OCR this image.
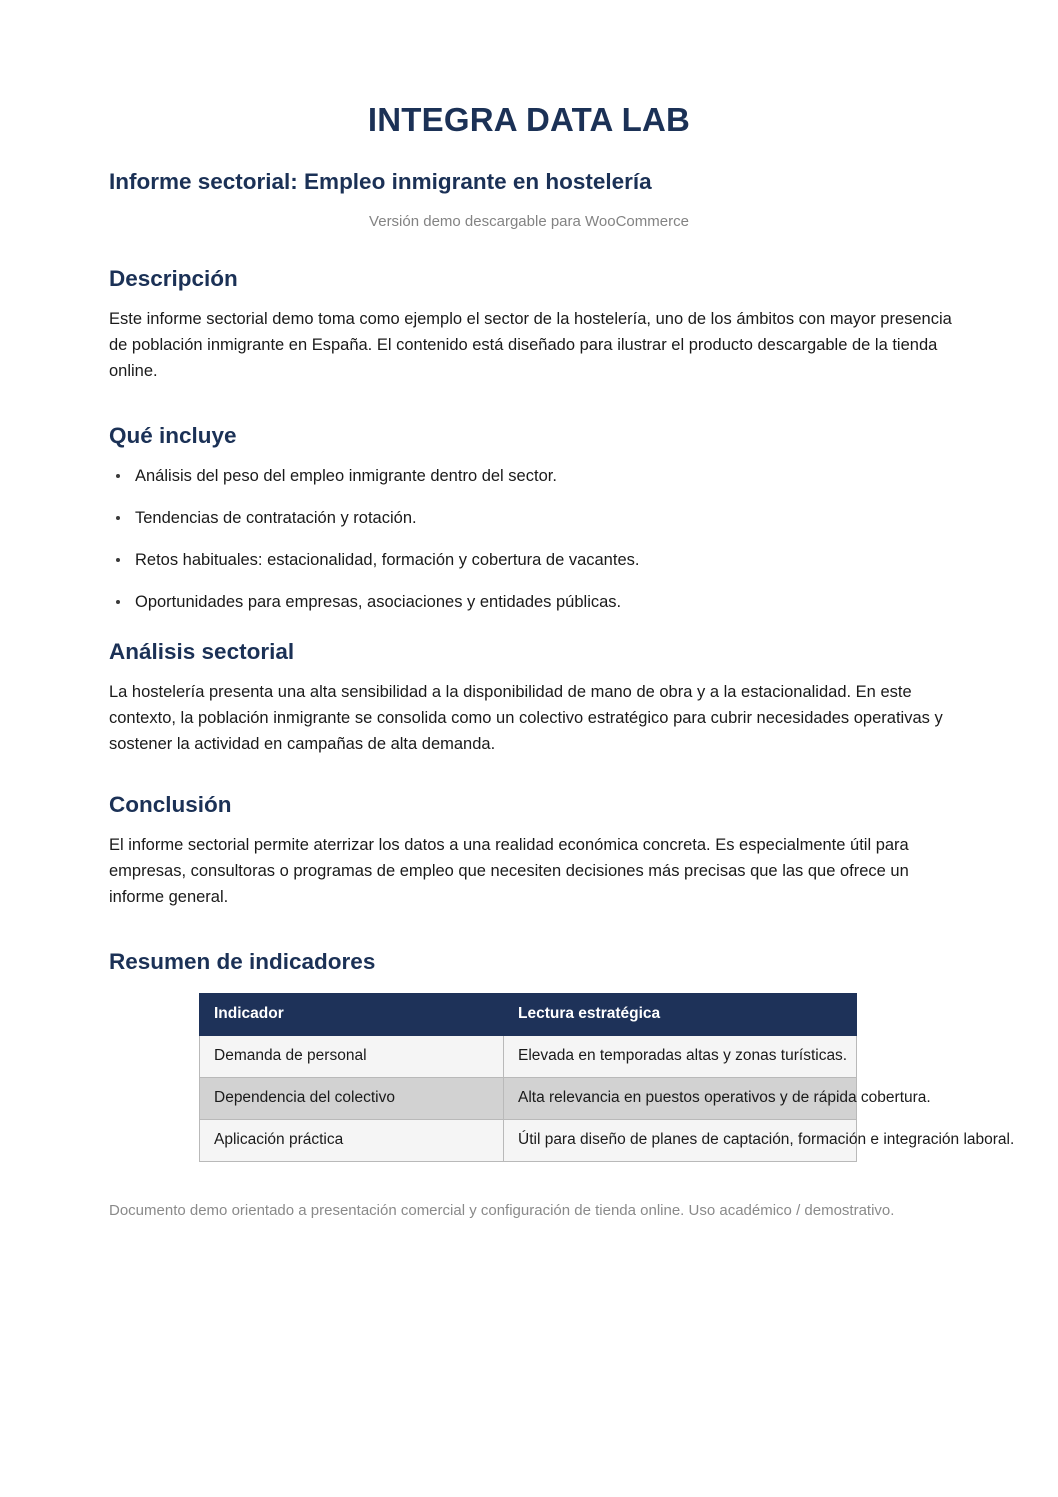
INTEGRA DATA LAB
Informe sectorial: Empleo inmigrante en hostelería

Versión demo descargable para WooCommerce

Descripción

Este informe sectorial demo toma como ejemplo el sector de la hostelería, uno de los ámbitos con mayor presencia de población inmigrante en España. El contenido está diseñado para ilustrar el producto descargable de la tienda online.

Qué incluye
Análisis del peso del empleo inmigrante dentro del sector.
Tendencias de contratación y rotación.
Retos habituales: estacionalidad, formación y cobertura de vacantes.
Oportunidades para empresas, asociaciones y entidades públicas.
Análisis sectorial

La hostelería presenta una alta sensibilidad a la disponibilidad de mano de obra y a la estacionalidad. En este contexto, la población inmigrante se consolida como un colectivo estratégico para cubrir necesidades operativas y sostener la actividad en campañas de alta demanda.

Conclusión

El informe sectorial permite aterrizar los datos a una realidad económica concreta. Es especialmente útil para empresas, consultoras o programas de empleo que necesiten decisiones más precisas que las que ofrece un informe general.

Resumen de indicadores
Indicador	Lectura estratégica
Demanda de personal	Elevada en temporadas altas y zonas turísticas.
Dependencia del colectivo	Alta relevancia en puestos operativos y de rápida cobertura.
Aplicación práctica	Útil para diseño de planes de captación, formación e integración laboral.

Documento demo orientado a presentación comercial y configuración de tienda online. Uso académico / demostrativo.
